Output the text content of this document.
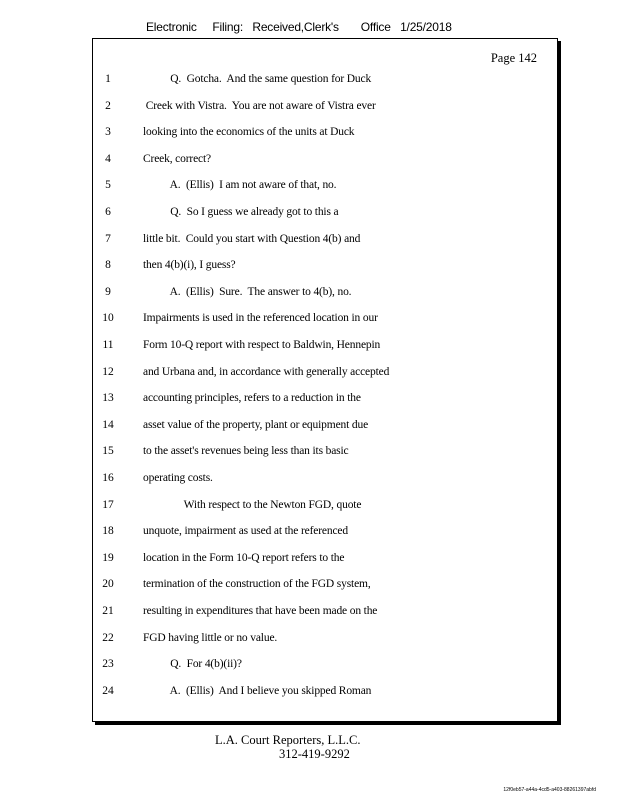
Electronic     Filing:   Received,Clerk's       Office   1/25/2018
Page 142
1	Q.  Gotcha.  And the same question for Duck
2	Creek with Vistra.  You are not aware of Vistra ever
3	looking into the economics of the units at Duck
4	Creek, correct?
5	A.  (Ellis)  I am not aware of that, no.
6	Q.  So I guess we already got to this a
7	little bit.  Could you start with Question 4(b) and
8	then 4(b)(i), I guess?
9	A.  (Ellis)  Sure.  The answer to 4(b), no.
10	Impairments is used in the referenced location in our
11	Form 10-Q report with respect to Baldwin, Hennepin
12	and Urbana and, in accordance with generally accepted
13	accounting principles, refers to a reduction in the
14	asset value of the property, plant or equipment due
15	to the asset's revenues being less than its basic
16	operating costs.
17	With respect to the Newton FGD, quote
18	unquote, impairment as used at the referenced
19	location in the Form 10-Q report refers to the
20	termination of the construction of the FGD system,
21	resulting in expenditures that have been made on the
22	FGD having little or no value.
23	Q.  For 4(b)(ii)?
24	A.  (Ellis)  And I believe you skipped Roman
L.A. Court Reporters, L.L.C.
312-419-9292
12f0eb57-a44a-4cd5-a403-88261397abfd
